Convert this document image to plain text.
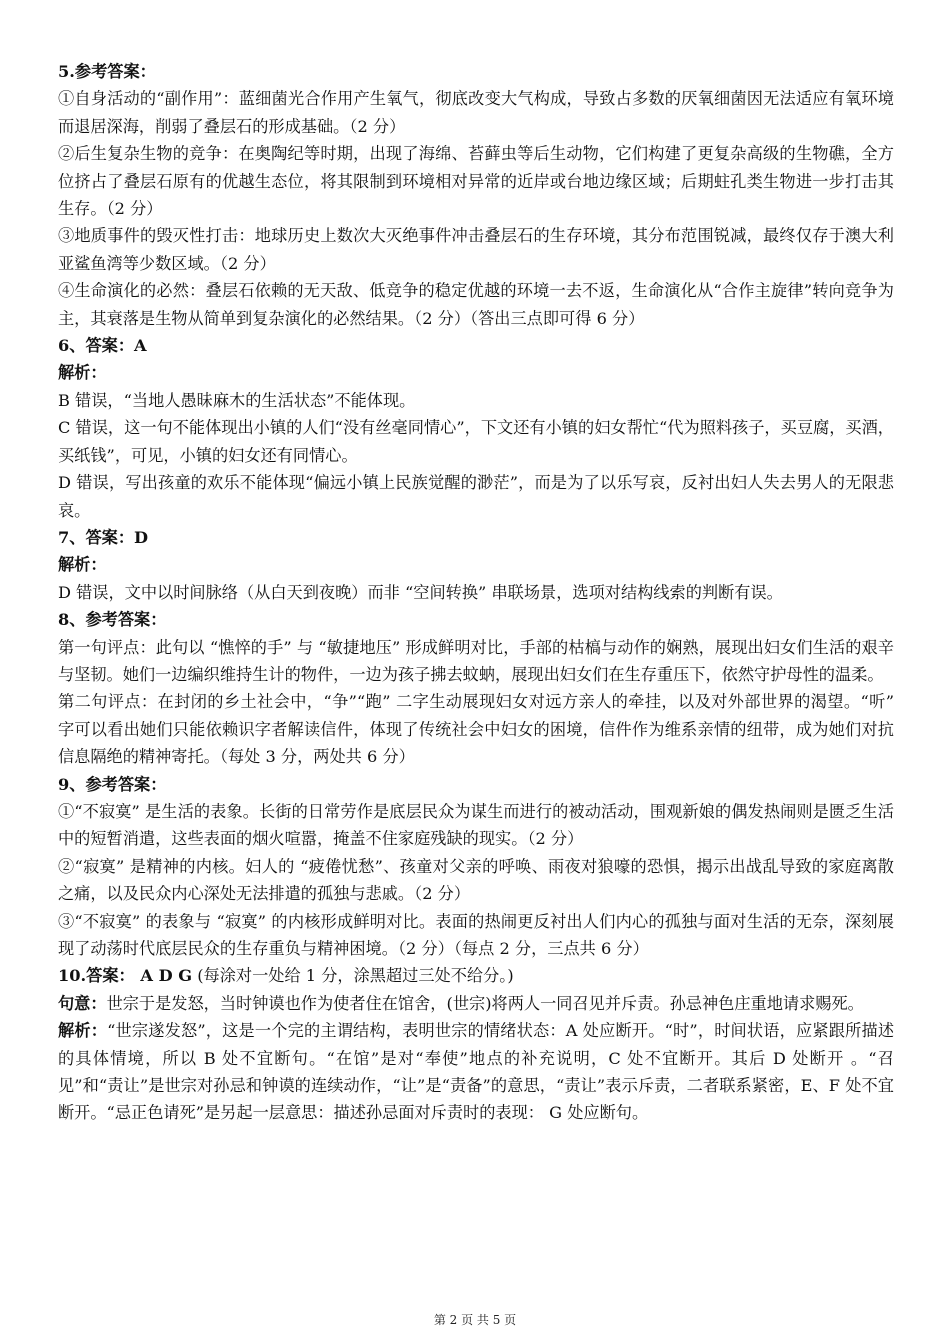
5.参考答案：

①自身活动的“副作用”：蓝细菌光合作用产生氧气，彻底改变大气构成，导致占多数的厌氧细菌因无法适应有氧环境而退居深海，削弱了叠层石的形成基础。（2 分）

②后生复杂生物的竞争：在奥陶纪等时期，出现了海绵、苔藓虫等后生动物，它们构建了更复杂高级的生物礁，全方位挤占了叠层石原有的优越生态位，将其限制到环境相对异常的近岸或台地边缘区域；后期蛀孔类生物进一步打击其生存。（2 分）

③地质事件的毁灭性打击：地球历史上数次大灭绝事件冲击叠层石的生存环境，其分布范围锐减，最终仅存于澳大利亚鲨鱼湾等少数区域。（2 分）

④生命演化的必然：叠层石依赖的无天敌、低竞争的稳定优越的环境一去不返，生命演化从“合作主旋律”转向竞争为主，其衰落是生物从简单到复杂演化的必然结果。（2 分）（答出三点即可得 6 分）

6、答案：A

解析：

B 错误，“当地人愚昧麻木的生活状态”不能体现。

C 错误，这一句不能体现出小镇的人们“没有丝毫同情心”，下文还有小镇的妇女帮忙“代为照料孩子，买豆腐，买酒，买纸钱”，可见，小镇的妇女还有同情心。

D 错误，写出孩童的欢乐不能体现“偏远小镇上民族觉醒的渺茫”，而是为了以乐写哀，反衬出妇人失去男人的无限悲哀。

7、答案：D

解析：

D 错误，文中以时间脉络（从白天到夜晚）而非 “空间转换” 串联场景，选项对结构线索的判断有误。

8、参考答案：

第一句评点：此句以 “憔悴的手” 与 “敏捷地压” 形成鲜明对比，手部的枯槁与动作的娴熟，展现出妇女们生活的艰辛与坚韧。她们一边编织维持生计的物件，一边为孩子拂去蚊蚋，展现出妇女们在生存重压下，依然守护母性的温柔。

第二句评点：在封闭的乡土社会中，“争”“跑” 二字生动展现妇女对远方亲人的牵挂，以及对外部世界的渴望。“听” 字可以看出她们只能依赖识字者解读信件，体现了传统社会中妇女的困境，信件作为维系亲情的纽带，成为她们对抗信息隔绝的精神寄托。（每处 3 分，两处共 6 分）

9、参考答案：

①“不寂寞” 是生活的表象。长街的日常劳作是底层民众为谋生而进行的被动活动，围观新娘的偶发热闹则是匮乏生活中的短暂消遣，这些表面的烟火喧嚣，掩盖不住家庭残缺的现实。（2 分）

②“寂寞” 是精神的内核。妇人的 “疲倦忧愁”、孩童对父亲的呼唤、雨夜对狼嚎的恐惧，揭示出战乱导致的家庭离散之痛，以及民众内心深处无法排遣的孤独与悲戚。（2 分）

③“不寂寞” 的表象与 “寂寞” 的内核形成鲜明对比。表面的热闹更反衬出人们内心的孤独与面对生活的无奈，深刻展现了动荡时代底层民众的生存重负与精神困境。（2 分）（每点 2 分，三点共 6 分）

10.答案： A D G (每涂对一处给 1 分，涂黑超过三处不给分。)

句意：世宗于是发怒，当时钟谟也作为使者住在馆舍，(世宗)将两人一同召见并斥责。孙忌神色庄重地请求赐死。

解析：“世宗遂发怒”，这是一个完的主谓结构，表明世宗的情绪状态：A 处应断开。“时”，时间状语，应紧跟所描述的具体情境，所以 B 处不宜断句。“在馆”是对“奉使”地点的补充说明，C 处不宜断开。其后 D 处断开 。“召见”和“责让”是世宗对孙忌和钟谟的连续动作，“让”是“责备”的意思，“责让”表示斥责，二者联系紧密，E、F 处不宜断开。“忌正色请死”是另起一层意思：描述孙忌面对斥责时的表现： G 处应断句。

第 2 页 共 5 页
